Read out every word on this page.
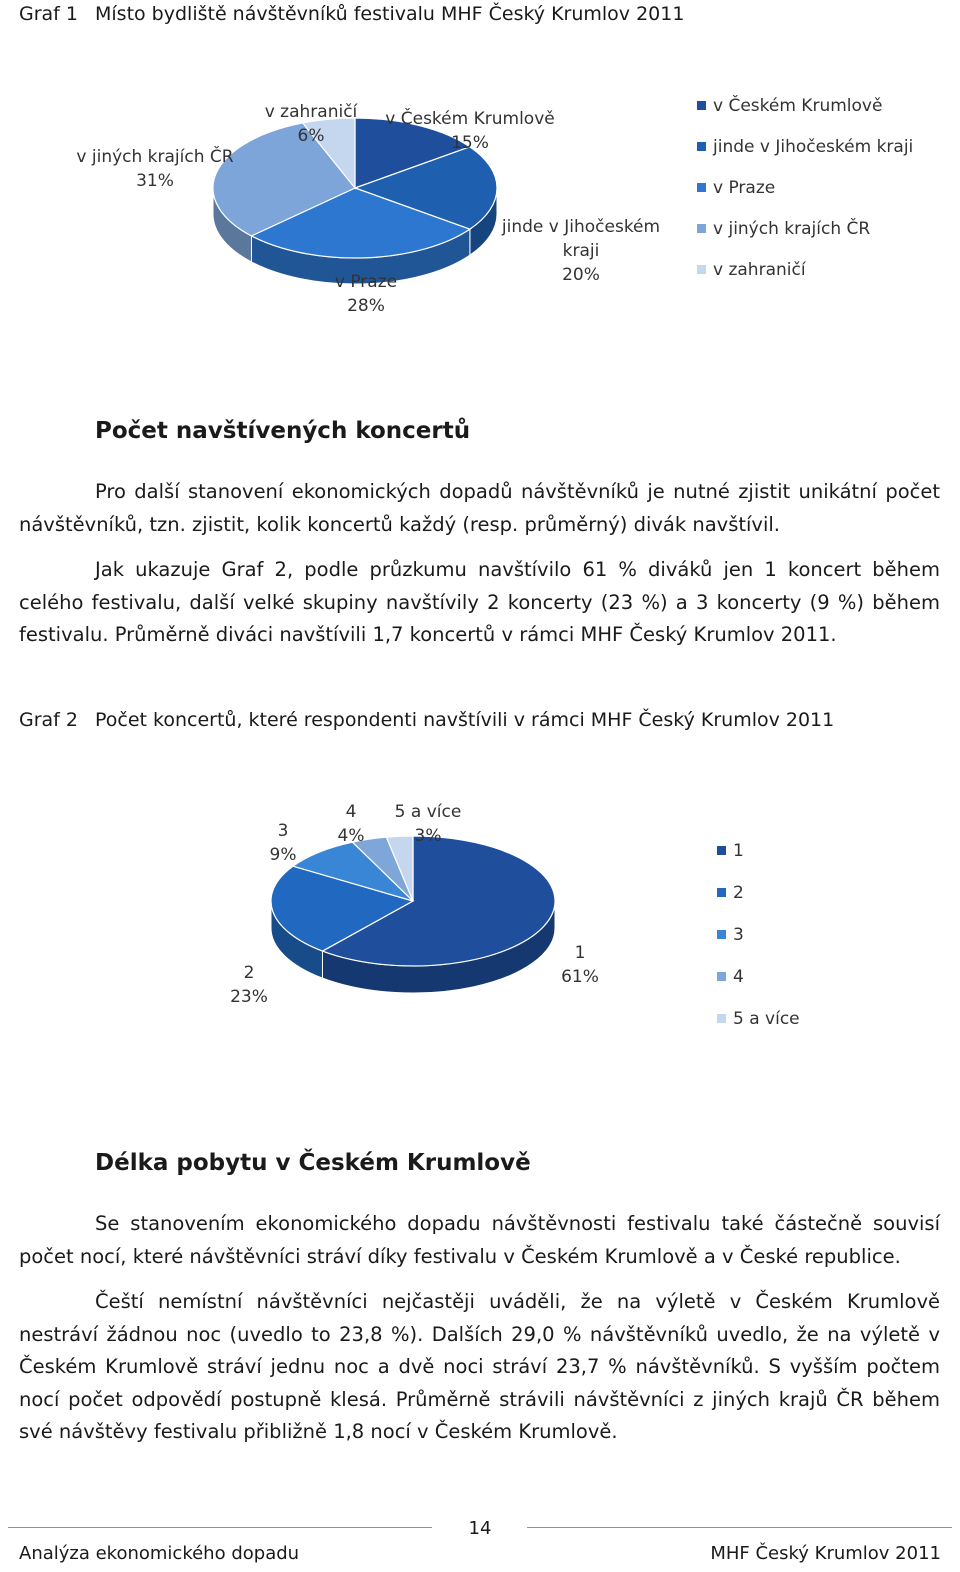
Graf 1 Místo bydliště návštěvníků festivalu MHF Český Krumlov 2011
v Českém Krumlově
15%
jinde v Jihočeském
kraji
20%
v Praze
28%
v jiných krajích ČR
31%
v zahraničí
6%
v Českém Krumlově
jinde v Jihočeském kraji
v Praze
v jiných krajích ČR
v zahraničí
Počet navštívených koncertů

Pro další stanovení ekonomických dopadů návštěvníků je nutné zjistit unikátní počet návštěvníků, tzn. zjistit, kolik koncertů každý (resp. průměrný) divák navštívil.

Jak ukazuje Graf 2, podle průzkumu navštívilo 61 % diváků jen 1 koncert během celého festivalu, další velké skupiny navštívily 2 koncerty (23 %) a 3 koncerty (9 %) během festivalu. Průměrně diváci navštívili 1,7 koncertů v rámci MHF Český Krumlov 2011.

Graf 2 Počet koncertů, které respondenti navštívili v rámci MHF Český Krumlov 2011
1
61%
2
23%
3
9%
4
4%
5 a více
3%
1
2
3
4
5 a více
Délka pobytu v Českém Krumlově

Se stanovením ekonomického dopadu návštěvnosti festivalu také částečně souvisí počet nocí, které návštěvníci stráví díky festivalu v Českém Krumlově a v České republice.

Čeští nemístní návštěvníci nejčastěji uváděli, že na výletě v Českém Krumlově nestráví žádnou noc (uvedlo to 23,8 %). Dalších 29,0 % návštěvníků uvedlo, že na výletě v Českém Krumlově stráví jednu noc a dvě noci stráví 23,7 % návštěvníků. S vyšším počtem nocí počet odpovědí postupně klesá. Průměrně strávili návštěvníci z jiných krajů ČR během své návštěvy festivalu přibližně 1,8 nocí v Českém Krumlově.

14
Analýza ekonomického dopadu	MHF Český Krumlov 2011
